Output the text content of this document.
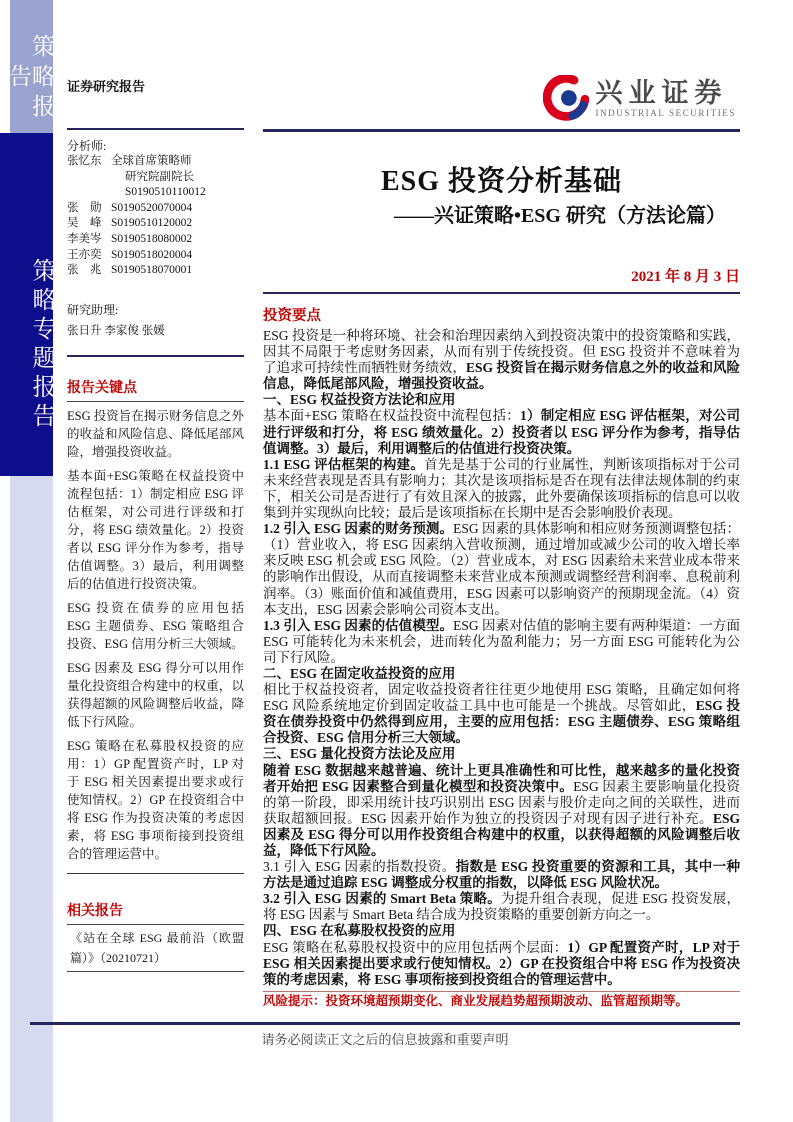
策略报告
策略专题报告
证券研究报告
分析师:
张忆东 全球首席策略师
研究院副院长
S0190510110012
张　勋 S0190520070004
吴　峰 S0190510120002
李美岑 S0190518080002
王亦奕 S0190518020004
张　兆 S0190518070001
研究助理:
张日升 李家俊 张媛
报告关键点

ESG 投资旨在揭示财务信息之外的收益和风险信息、降低尾部风险，增强投资收益。

基本面+ESG策略在权益投资中流程包括：1）制定相应 ESG 评估框架，对公司进行评级和打分，将 ESG 绩效量化。2）投资者以 ESG 评分作为参考，指导估值调整。3）最后，利用调整后的估值进行投资决策。

ESG 投资在债券的应用包括 ESG 主题债券、ESG 策略组合投资、ESG 信用分析三大领域。

ESG 因素及 ESG 得分可以用作量化投资组合构建中的权重，以获得超额的风险调整后收益，降低下行风险。

ESG 策略在私募股权投资的应用：1）GP 配置资产时，LP 对于 ESG 相关因素提出要求或行使知情权。2）GP 在投资组合中将 ESG 作为投资决策的考虑因素，将 ESG 事项衔接到投资组合的管理运营中。

相关报告
《站在全球 ESG 最前沿（欧盟篇）》（20210721）
兴业证券
INDUSTRIAL SECURITIES
ESG 投资分析基础
——兴证策略•ESG 研究（方法论篇）
2021 年 8 月 3 日
投资要点

ESG 投资是一种将环境、社会和治理因素纳入到投资决策中的投资策略和实践，因其不局限于考虑财务因素，从而有别于传统投资。但 ESG 投资并不意味着为了追求可持续性而牺牲财务绩效，ESG 投资旨在揭示财务信息之外的收益和风险信息，降低尾部风险，增强投资收益。

一、ESG 权益投资方法论和应用

基本面+ESG 策略在权益投资中流程包括：1）制定相应 ESG 评估框架，对公司进行评级和打分，将 ESG 绩效量化。2）投资者以 ESG 评分作为参考，指导估值调整。3）最后，利用调整后的估值进行投资决策。

1.1 ESG 评估框架的构建。首先是基于公司的行业属性，判断该项指标对于公司未来经营表现是否具有影响力；其次是该项指标是否在现有法律法规体制的约束下，相关公司是否进行了有效且深入的披露，此外要确保该项指标的信息可以收集到并实现纵向比较；最后是该项指标在长期中是否会影响股价表现。

1.2 引入 ESG 因素的财务预测。ESG 因素的具体影响和相应财务预测调整包括：（1）营业收入，将 ESG 因素纳入营收预测，通过增加或减少公司的收入增长率来反映 ESG 机会或 ESG 风险。（2）营业成本，对 ESG 因素给未来营业成本带来的影响作出假设，从而直接调整未来营业成本预测或调整经营利润率、息税前利润率。（3）账面价值和减值费用，ESG 因素可以影响资产的预期现金流。（4）资本支出，ESG 因素会影响公司资本支出。

1.3 引入 ESG 因素的估值模型。ESG 因素对估值的影响主要有两种渠道：一方面 ESG 可能转化为未来机会，进而转化为盈利能力；另一方面 ESG 可能转化为公司下行风险。

二、ESG 在固定收益投资的应用

相比于权益投资者，固定收益投资者往往更少地使用 ESG 策略，且确定如何将 ESG 风险系统地定价到固定收益工具中也可能是一个挑战。尽管如此，ESG 投资在债券投资中仍然得到应用，主要的应用包括：ESG 主题债券、ESG 策略组合投资、ESG 信用分析三大领域。

三、ESG 量化投资方法论及应用

随着 ESG 数据越来越普遍、统计上更具准确性和可比性，越来越多的量化投资者开始把 ESG 因素整合到量化模型和投资决策中。ESG 因素主要影响量化投资的第一阶段，即采用统计技巧识别出 ESG 因素与股价走向之间的关联性，进而获取超额回报。ESG 因素开始作为独立的投资因子对现有因子进行补充。ESG 因素及 ESG 得分可以用作投资组合构建中的权重，以获得超额的风险调整后收益，降低下行风险。

3.1 引入 ESG 因素的指数投资。指数是 ESG 投资重要的资源和工具，其中一种方法是通过追踪 ESG 调整成分权重的指数，以降低 ESG 风险状况。

3.2 引入 ESG 因素的 Smart Beta 策略。为提升组合表现，促进 ESG 投资发展，将 ESG 因素与 Smart Beta 结合成为投资策略的重要创新方向之一。

四、ESG 在私募股权投资的应用

ESG 策略在私募股权投资中的应用包括两个层面：1）GP 配置资产时，LP 对于 ESG 相关因素提出要求或行使知情权。2）GP 在投资组合中将 ESG 作为投资决策的考虑因素，将 ESG 事项衔接到投资组合的管理运营中。

风险提示：投资环境超预期变化、商业发展趋势超预期波动、监管超预期等。
请务必阅读正文之后的信息披露和重要声明
